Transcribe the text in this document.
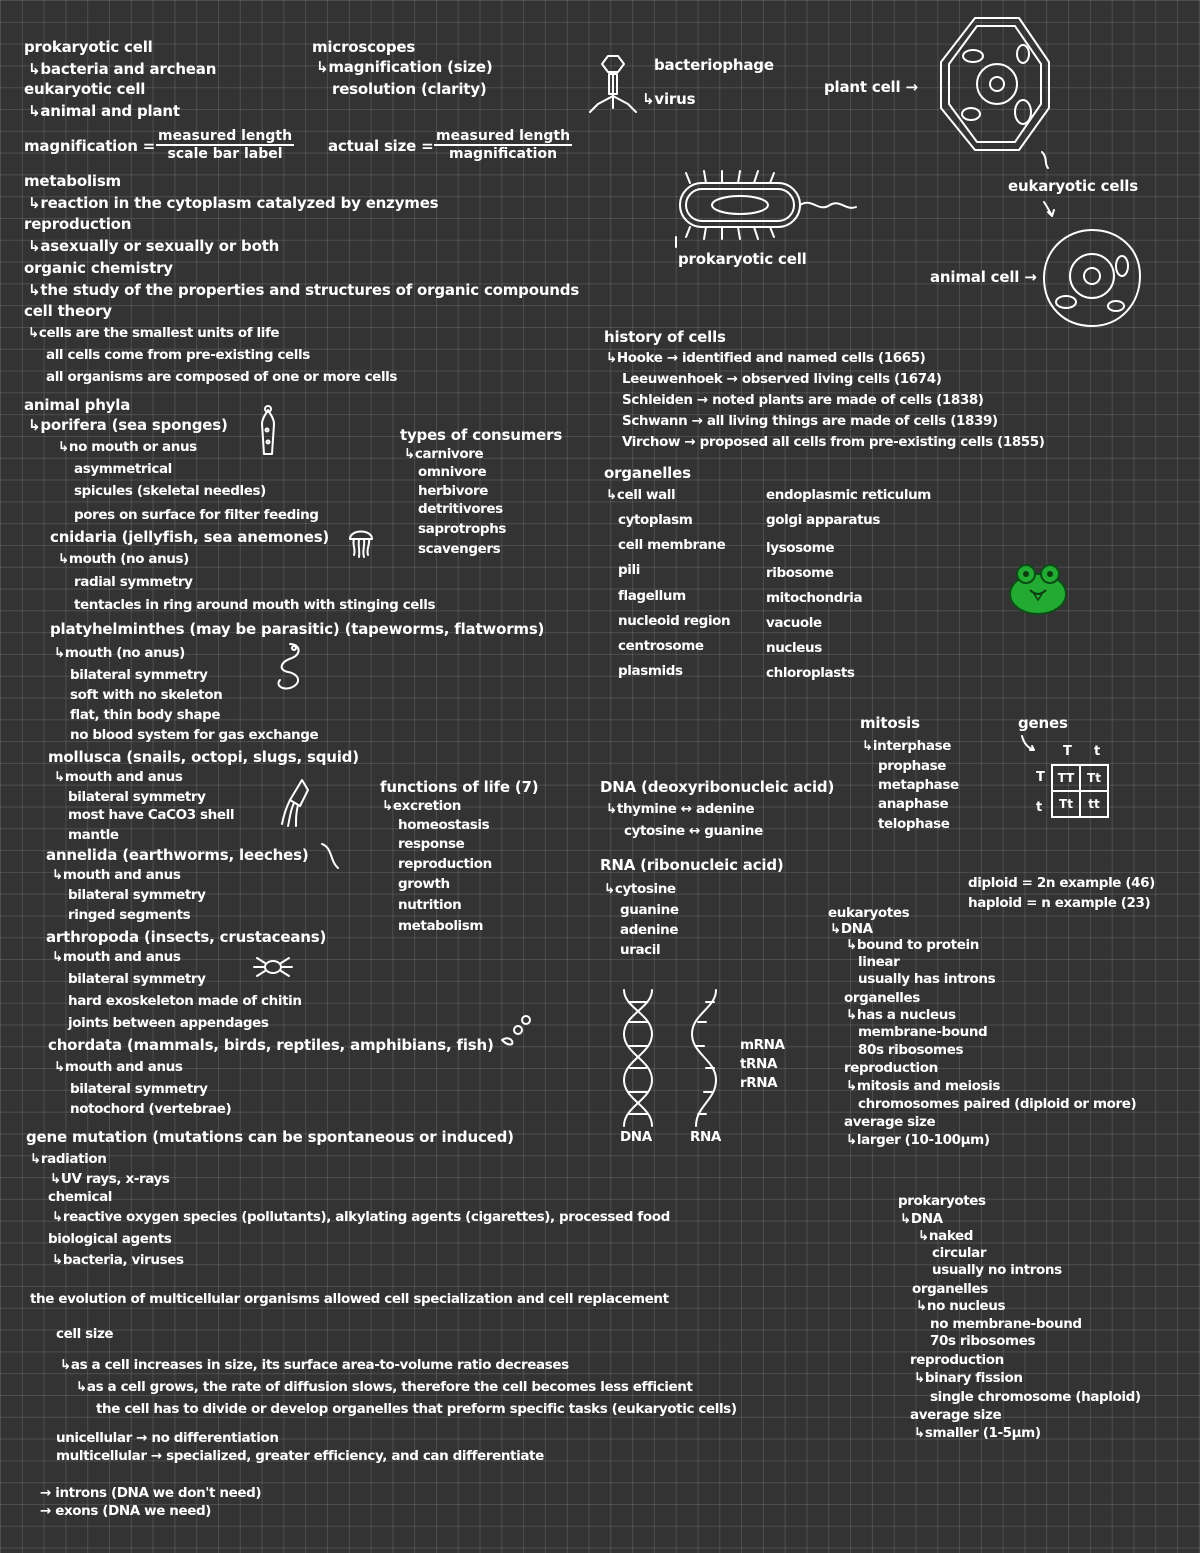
prokaryotic cell
↳bacteria and archean
eukaryotic cell
↳animal and plant
magnification =
measured length
scale bar label
metabolism
↳reaction in the cytoplasm catalyzed by enzymes
reproduction
↳asexually or sexually or both
organic chemistry
↳the study of the properties and structures of organic compounds
cell theory
↳cells are the smallest units of life
all cells come from pre-existing cells
all organisms are composed of one or more cells
microscopes
↳magnification (size)
resolution (clarity)
actual size =
measured length
magnification
bacteriophage
↳virus
prokaryotic cell
plant cell →
eukaryotic cells
animal cell →
history of cells
↳Hooke → identified and named cells (1665)
Leeuwenhoek → observed living cells (1674)
Schleiden → noted plants are made of cells (1838)
Schwann → all living things are made of cells (1839)
Virchow → proposed all cells from pre-existing cells (1855)
organelles
↳cell wall
cytoplasm
cell membrane
pili
flagellum
nucleoid region
centrosome
plasmids
endoplasmic reticulum
golgi apparatus
lysosome
ribosome
mitochondria
vacuole
nucleus
chloroplasts
animal phyla
↳porifera (sea sponges)
↳no mouth or anus
asymmetrical
spicules (skeletal needles)
pores on surface for filter feeding
cnidaria (jellyfish, sea anemones)
↳mouth (no anus)
radial symmetry
tentacles in ring around mouth with stinging cells
platyhelminthes (may be parasitic) (tapeworms, flatworms)
↳mouth (no anus)
bilateral symmetry
soft with no skeleton
flat, thin body shape
no blood system for gas exchange
mollusca (snails, octopi, slugs, squid)
↳mouth and anus
bilateral symmetry
most have CaCO3 shell
mantle
annelida (earthworms, leeches)
↳mouth and anus
bilateral symmetry
ringed segments
arthropoda (insects, crustaceans)
↳mouth and anus
bilateral symmetry
hard exoskeleton made of chitin
joints between appendages
chordata (mammals, birds, reptiles, amphibians, fish)
↳mouth and anus
bilateral symmetry
notochord (vertebrae)
types of consumers
↳carnivore
omnivore
herbivore
detritivores
saprotrophs
scavengers
functions of life (7)
↳excretion
homeostasis
response
reproduction
growth
nutrition
metabolism
DNA (deoxyribonucleic acid)
↳thymine ↔ adenine
cytosine ↔ guanine
RNA (ribonucleic acid)
↳cytosine
guanine
adenine
uracil
DNA	RNA
mRNA
tRNA
rRNA
mitosis
↳interphase
prophase
metaphase
anaphase
telophase
genes
T t
T
t
TT	Tt
Tt	tt
diploid = 2n example (46)
haploid = n example (23)
eukaryotes
↳DNA
↳bound to protein
linear
usually has introns
organelles
↳has a nucleus
membrane-bound
80s ribosomes
reproduction
↳mitosis and meiosis
chromosomes paired (diploid or more)
average size
↳larger (10-100μm)
prokaryotes
↳DNA
↳naked
circular
usually no introns
organelles
↳no nucleus
no membrane-bound
70s ribosomes
reproduction
↳binary fission
single chromosome (haploid)
average size
↳smaller (1-5μm)
gene mutation (mutations can be spontaneous or induced)
↳radiation
↳UV rays, x-rays
chemical
↳reactive oxygen species (pollutants), alkylating agents (cigarettes), processed food
biological agents
↳bacteria, viruses
the evolution of multicellular organisms allowed cell specialization and cell replacement
cell size
↳as a cell increases in size, its surface area-to-volume ratio decreases
↳as a cell grows, the rate of diffusion slows, therefore the cell becomes less efficient
the cell has to divide or develop organelles that preform specific tasks (eukaryotic cells)
unicellular → no differentiation
multicellular → specialized, greater efficiency, and can differentiate
→ introns (DNA we don't need)
→ exons (DNA we need)
